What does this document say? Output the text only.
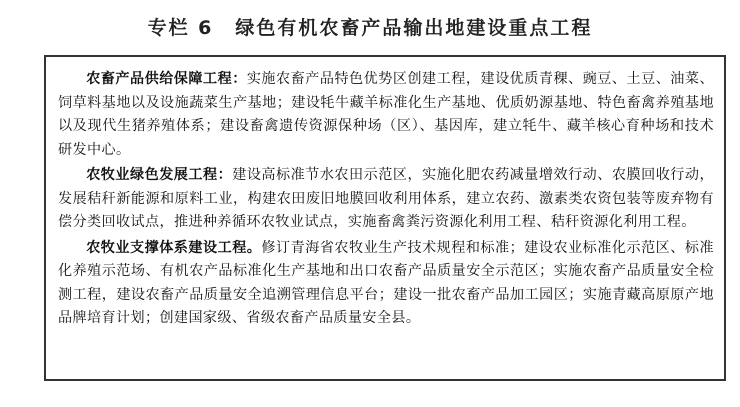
专栏 6 绿色有机农畜产品输出地建设重点工程

农畜产品供给保障工程：实施农畜产品特色优势区创建工程，建设优质青稞、豌豆、土豆、油菜、饲草料基地以及设施蔬菜生产基地；建设牦牛藏羊标准化生产基地、优质奶源基地、特色畜禽养殖基地以及现代生猪养殖体系；建设畜禽遗传资源保种场（区）、基因库，建立牦牛、藏羊核心育种场和技术研发中心。

农牧业绿色发展工程：建设高标准节水农田示范区，实施化肥农药减量增效行动、农膜回收行动，发展秸秆新能源和原料工业，构建农田废旧地膜回收利用体系，建立农药、激素类农资包装等废弃物有偿分类回收试点，推进种养循环农牧业试点，实施畜禽粪污资源化利用工程、秸秆资源化利用工程。

农牧业支撑体系建设工程。修订青海省农牧业生产技术规程和标准；建设农业标准化示范区、标准化养殖示范场、有机农产品标准化生产基地和出口农畜产品质量安全示范区；实施农畜产品质量安全检测工程，建设农畜产品质量安全追溯管理信息平台；建设一批农畜产品加工园区；实施青藏高原原产地品牌培育计划；创建国家级、省级农畜产品质量安全县。
